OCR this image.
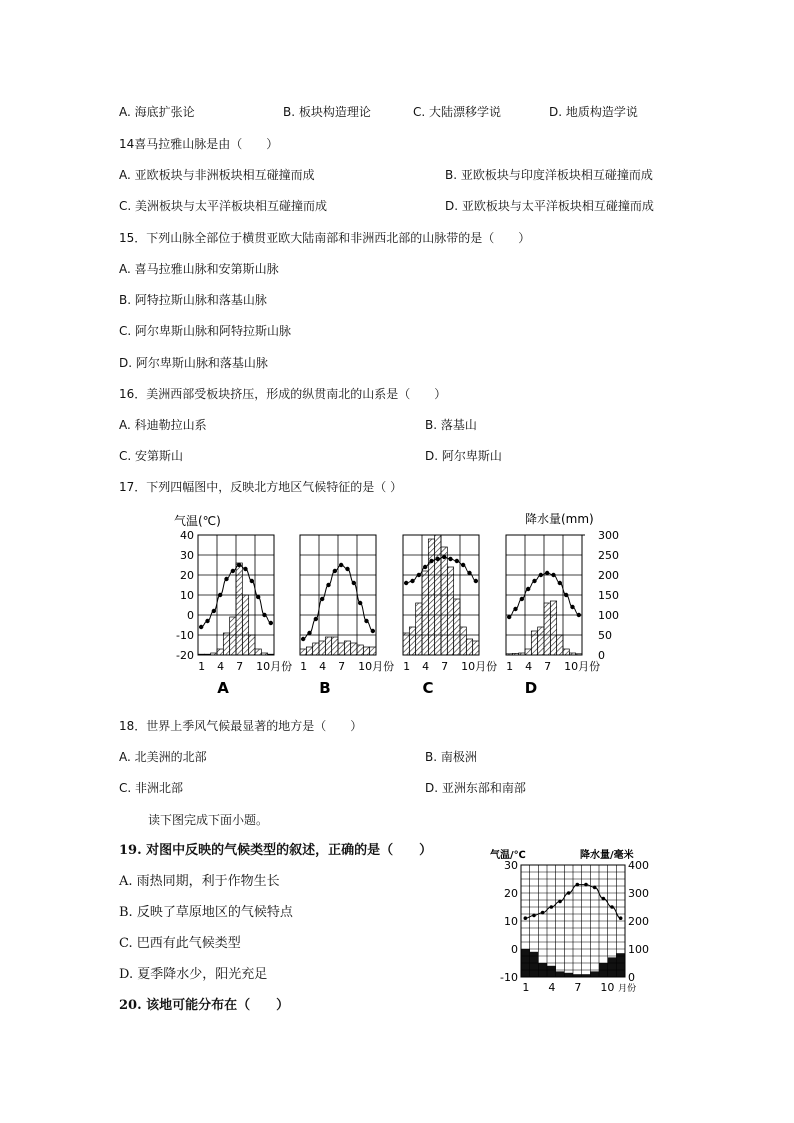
A. 海底扩张论	B. 板块构造理论	C. 大陆漂移学说	D. 地质构造学说
14喜马拉雅山脉是由（　　）
A. 亚欧板块与非洲板块相互碰撞而成	B. 亚欧板块与印度洋板块相互碰撞而成
C. 美洲板块与太平洋板块相互碰撞而成	D. 亚欧板块与太平洋板块相互碰撞而成
15．下列山脉全部位于横贯亚欧大陆南部和非洲西北部的山脉带的是（　　）
A. 喜马拉雅山脉和安第斯山脉
B. 阿特拉斯山脉和落基山脉
C. 阿尔卑斯山脉和阿特拉斯山脉
D. 阿尔卑斯山脉和落基山脉
16．美洲西部受板块挤压，形成的纵贯南北的山系是（　　）
A. 科迪勒拉山系	B. 落基山
C. 安第斯山	D. 阿尔卑斯山
17．下列四幅图中，反映北方地区气候特征的是（ ）
气温(℃)	降水量(mm)
40
30
20
10
0
-10
-20
300
250
200
150
100
50
0
1 4 7 10月份
A
1 4 7 10月份
B
1 4 7 10月份
C
1 4 7 10月份
D
18．世界上季风气候最显著的地方是（　　）
A. 北美洲的北部	B. 南极洲
C. 非洲北部	D. 亚洲东部和南部
读下图完成下面小题。
19. 对图中反映的气候类型的叙述，正确的是（　　）
A. 雨热同期，利于作物生长
B. 反映了草原地区的气候特点
C. 巴西有此气候类型
D. 夏季降水少，阳光充足
20. 该地可能分布在（　　）
气温/℃	降水量/毫米
30
20
10
0
-10
400
300
200
100
0
1 4 7 10 月份
